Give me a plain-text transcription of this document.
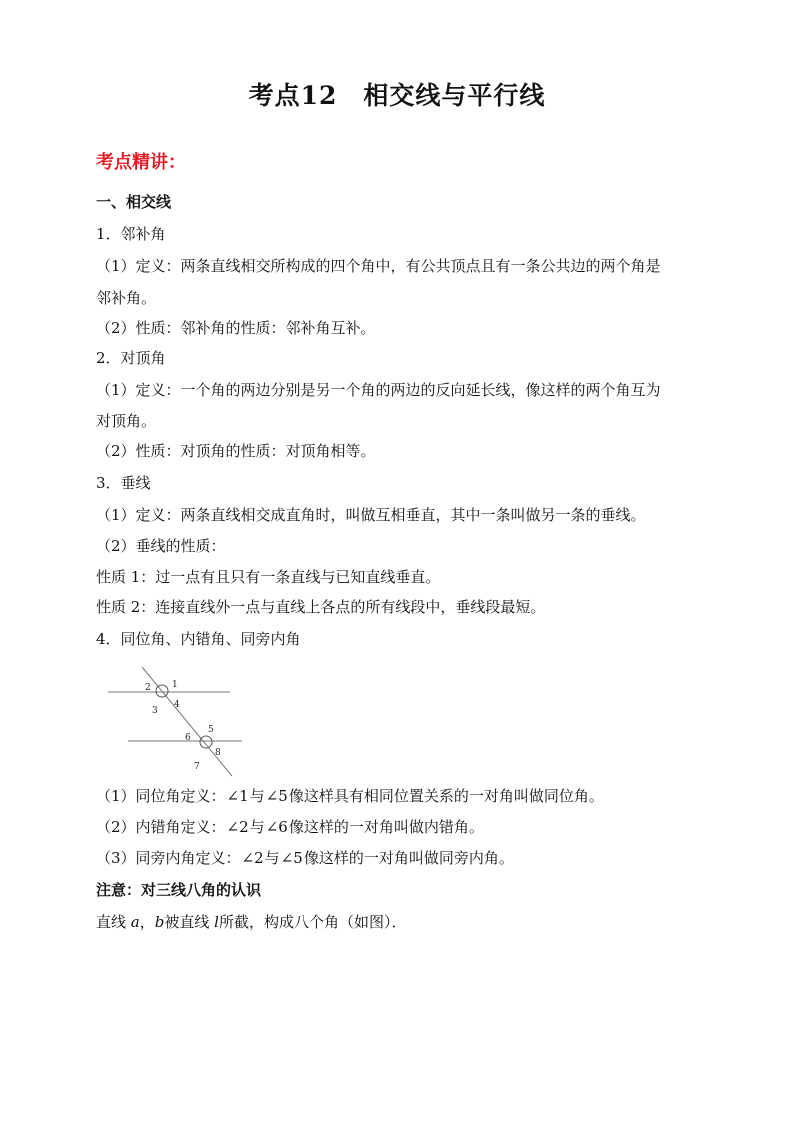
考点12 相交线与平行线
考点精讲：
一、相交线
1．邻补角
（1）定义：两条直线相交所构成的四个角中，有公共顶点且有一条公共边的两个角是
邻补角。
（2）性质：邻补角的性质：邻补角互补。
2．对顶角
（1）定义：一个角的两边分别是另一个角的两边的反向延长线，像这样的两个角互为
对顶角。
（2）性质：对顶角的性质：对顶角相等。
3．垂线
（1）定义：两条直线相交成直角时，叫做互相垂直，其中一条叫做另一条的垂线。
（2）垂线的性质：
性质 1：过一点有且只有一条直线与已知直线垂直。
性质 2：连接直线外一点与直线上各点的所有线段中，垂线段最短。
4．同位角、内错角、同旁内角
1
2
3
4
5
6
7
8
（1）同位角定义：∠1与∠5像这样具有相同位置关系的一对角叫做同位角。
（2）内错角定义：∠2与∠6像这样的一对角叫做内错角。
（3）同旁内角定义：∠2与∠5像这样的一对角叫做同旁内角。
注意：对三线八角的认识
直线 a，b被直线 l所截，构成八个角（如图）．
